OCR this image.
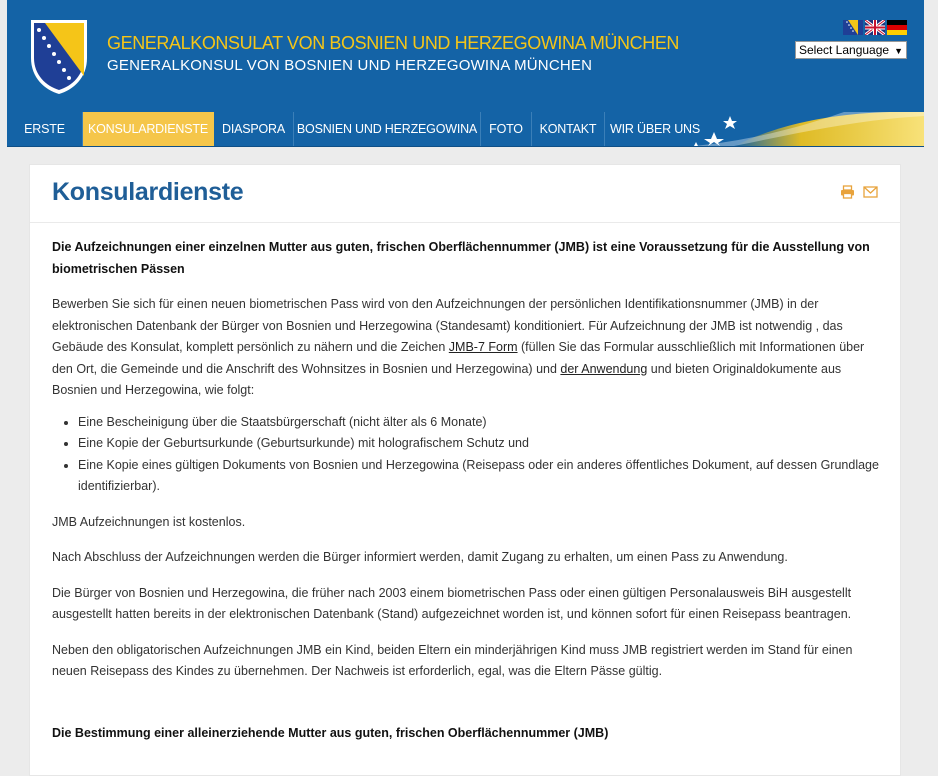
GENERALKONSULAT VON BOSNIEN UND HERZEGOWINA MÜNCHEN
GENERALKONSUL VON BOSNIEN UND HERZEGOWINA MÜNCHEN
Select Language ▼
ERSTE	KONSULARDIENSTE	DIASPORA BOSNIEN UND HERZEGOWINA FOTO	KONTAKT	WIR ÜBER UNS
Konsulardienste

Die Aufzeichnungen einer einzelnen Mutter aus guten, frischen Oberflächennummer (JMB) ist eine Voraussetzung für die Ausstellung von biometrischen Pässen

Bewerben Sie sich für einen neuen biometrischen Pass wird von den Aufzeichnungen der persönlichen Identifikationsnummer (JMB) in der elektronischen Datenbank der Bürger von Bosnien und Herzegowina (Standesamt) konditioniert. Für Aufzeichnung der JMB ist notwendig , das Gebäude des Konsulat, komplett persönlich zu nähern und die Zeichen JMB-7 Form (füllen Sie das Formular ausschließlich mit Informationen über den Ort, die Gemeinde und die Anschrift des Wohnsitzes in Bosnien und Herzegowina) und der Anwendung und bieten Originaldokumente aus Bosnien und Herzegowina, wie folgt:

• Eine Bescheinigung über die Staatsbürgerschaft (nicht älter als 6 Monate)
• Eine Kopie der Geburtsurkunde (Geburtsurkunde) mit holografischem Schutz und
• Eine Kopie eines gültigen Dokuments von Bosnien und Herzegowina (Reisepass oder ein anderes öffentliches Dokument, auf dessen Grundlage identifizierbar).

JMB Aufzeichnungen ist kostenlos.

Nach Abschluss der Aufzeichnungen werden die Bürger informiert werden, damit Zugang zu erhalten, um einen Pass zu Anwendung.

Die Bürger von Bosnien und Herzegowina, die früher nach 2003 einem biometrischen Pass oder einen gültigen Personalausweis BiH ausgestellt ausgestellt hatten bereits in der elektronischen Datenbank (Stand) aufgezeichnet worden ist, und können sofort für einen Reisepass beantragen.

Neben den obligatorischen Aufzeichnungen JMB ein Kind, beiden Eltern ein minderjährigen Kind muss JMB registriert werden im Stand für einen neuen Reisepass des Kindes zu übernehmen. Der Nachweis ist erforderlich, egal, was die Eltern Pässe gültig.

Die Bestimmung einer alleinerziehende Mutter aus guten, frischen Oberflächennummer (JMB)
